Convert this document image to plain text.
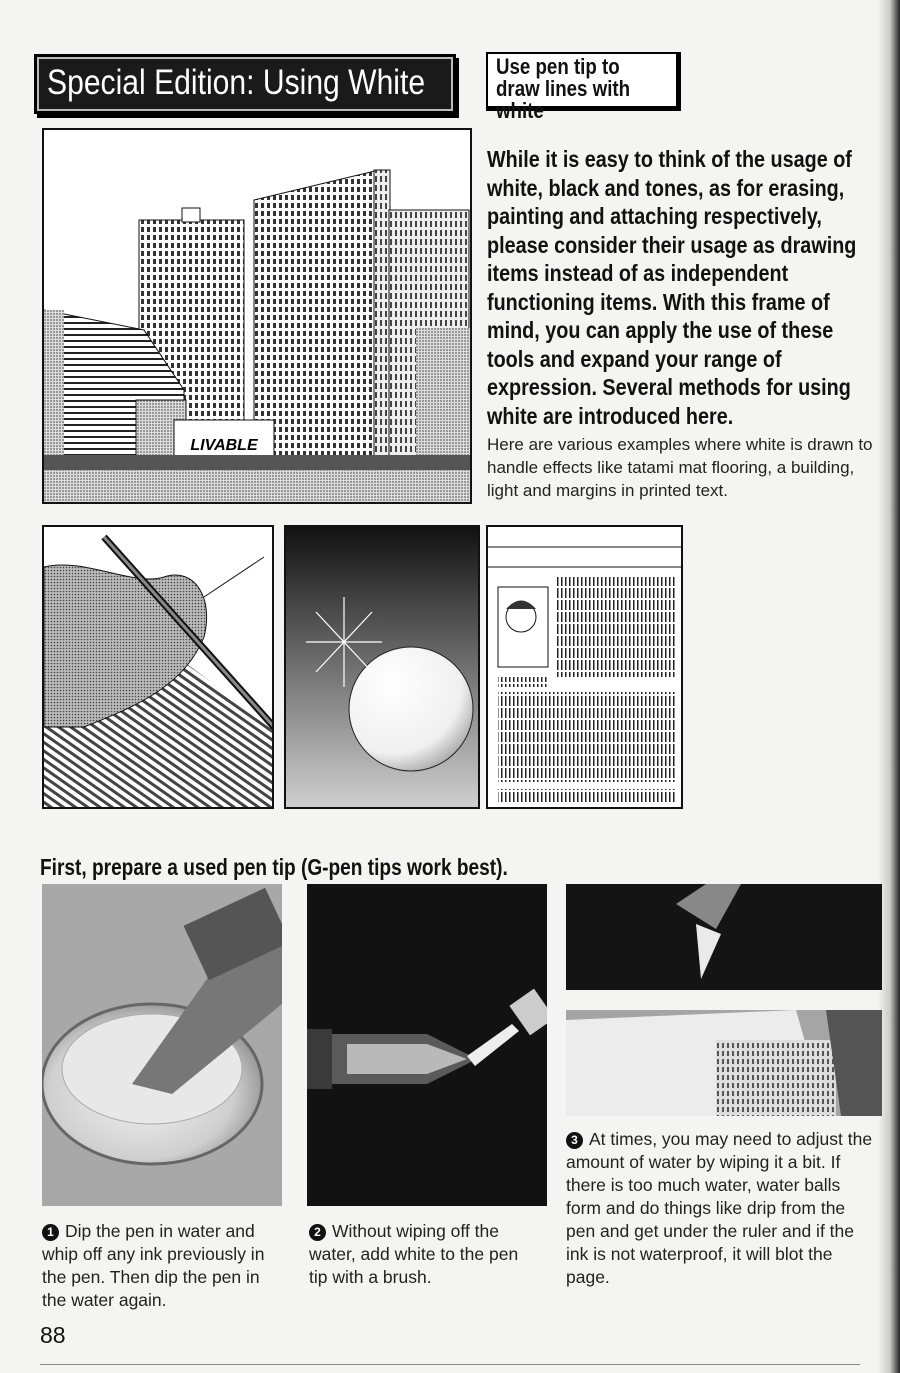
Special Edition: Using White	Use pen tip to draw lines with white
While it is easy to think of the usage of white, black and tones, as for erasing, painting and attaching respectively, please consider their usage as drawing items instead of as independent functioning items. With this frame of mind, you can apply the use of these tools and expand your range of expression. Several methods for using white are introduced here.
Here are various examples where white is drawn to handle effects like tatami mat flooring, a building, light and margins in printed text.
LIVABLE
First, prepare a used pen tip (G-pen tips work best).
1 Dip the pen in water and whip off any ink previously in the pen. Then dip the pen in the water again.
2 Without wiping off the water, add white to the pen tip with a brush.
3 At times, you may need to adjust the amount of water by wiping it a bit. If there is too much water, water balls form and do things like drip from the pen and get under the ruler and if the ink is not waterproof, it will blot the page.
88
